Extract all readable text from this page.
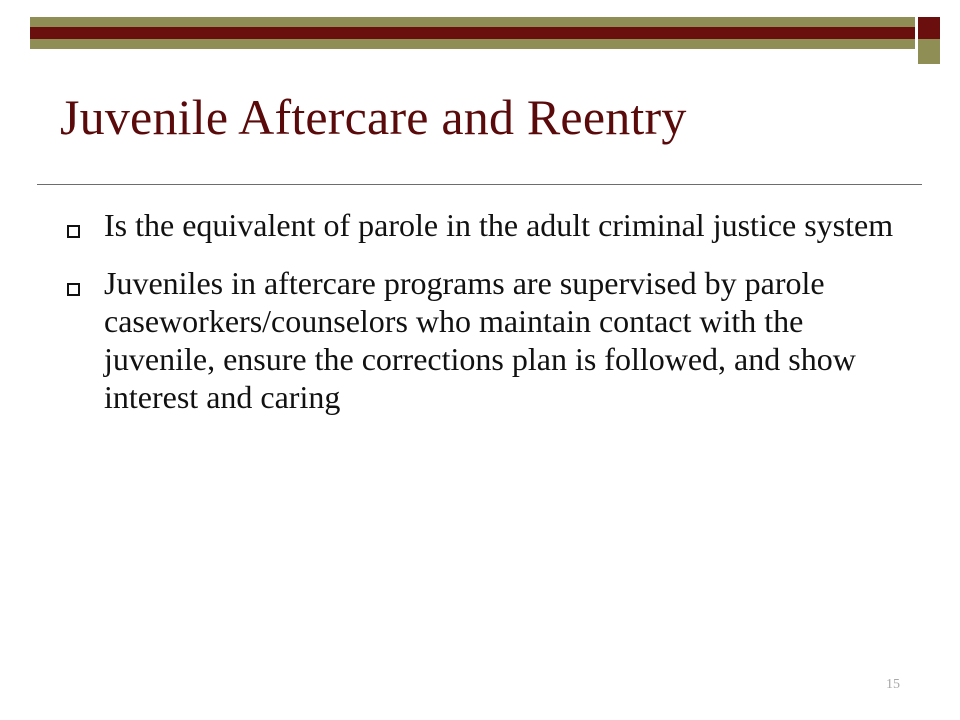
Juvenile Aftercare and Reentry
Is the equivalent of parole in the adult criminal justice system
Juveniles in aftercare programs are supervised by parole caseworkers/counselors who maintain contact with the juvenile, ensure the corrections plan is followed, and show interest and caring
15
